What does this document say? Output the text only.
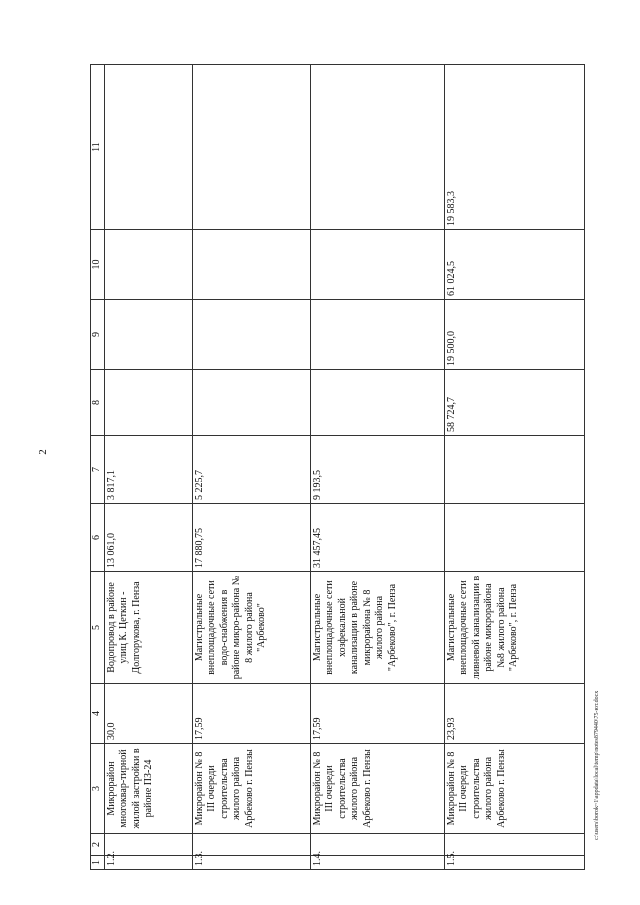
2
1	2	3	4	5	6	7	8	9	10	11
1.2.		Микрорайон многоквар-тирной жилой застройки в районе ПЗ-24	30,0	Водопровод в районе улиц К. Цеткин - Долгорукова, г. Пенза	13 061,0	3 817,1				
1.3.		Микрорайон № 8 III очереди строительства жилого района Арбеково г. Пензы	17,59	Магистральные внеплощадочные сети водо-снабжения в районе микро-района № 8 жилого района "Арбеково"	17 880,75	5 225,7				
1.4.		Микрорайон № 8 III очереди строительства жилого района Арбеково г. Пензы	17,59	Магистральные внеплощадочные сети хозфекальной канализации в районе микрорайона № 8 жилого района "Арбеково", г. Пенза	31 457,45	9 193,5				
1.5.		Микрорайон № 8 III очереди строительства жилого района Арбеково г. Пензы	23,93	Магистральные внеплощадочные сети ливневой канализации в районе микрорайона №8 жилого района "Арбеково", г. Пенза			58 724,7	19 500,0	61 024,5	19 583,3
c:\users\borok~1\appdata\local\temp\notes879440\75-ют.docx
